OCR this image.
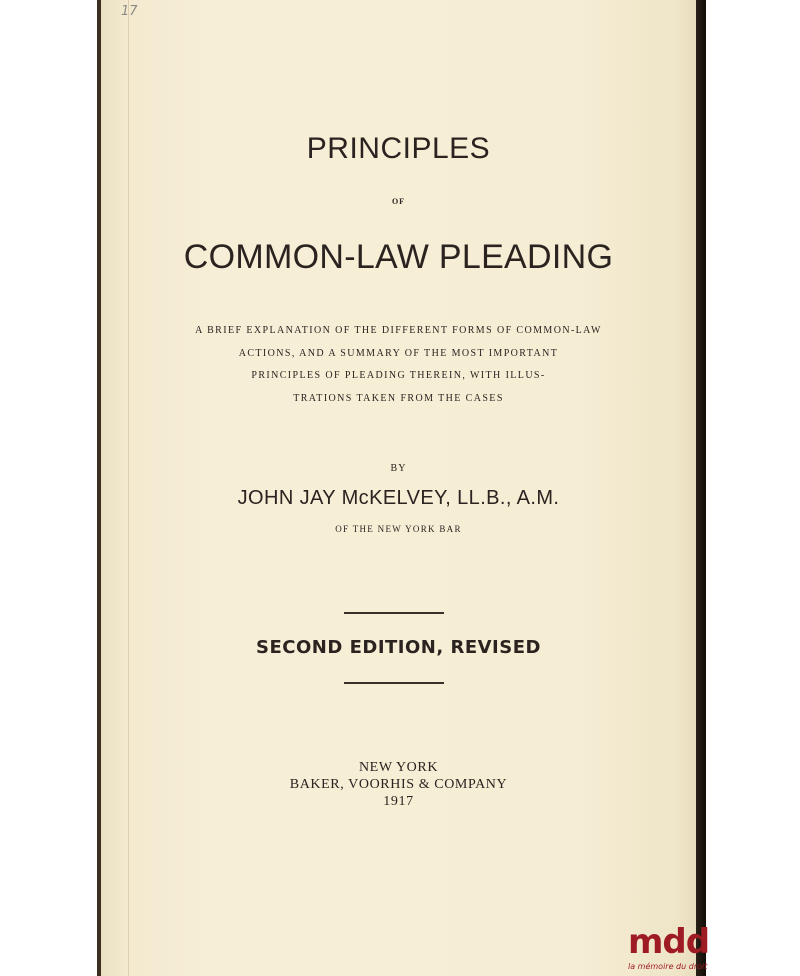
17
PRINCIPLES
OF
COMMON-LAW PLEADING
A BRIEF EXPLANATION OF THE DIFFERENT FORMS OF COMMON-LAW
ACTIONS, AND A SUMMARY OF THE MOST IMPORTANT
PRINCIPLES OF PLEADING THEREIN, WITH ILLUS-
TRATIONS TAKEN FROM THE CASES
BY
JOHN JAY McKELVEY, LL.B., A.M.
OF THE NEW YORK BAR
SECOND EDITION, REVISED
NEW YORK
BAKER, VOORHIS & COMPANY
1917
mdd
la mémoire du droit
